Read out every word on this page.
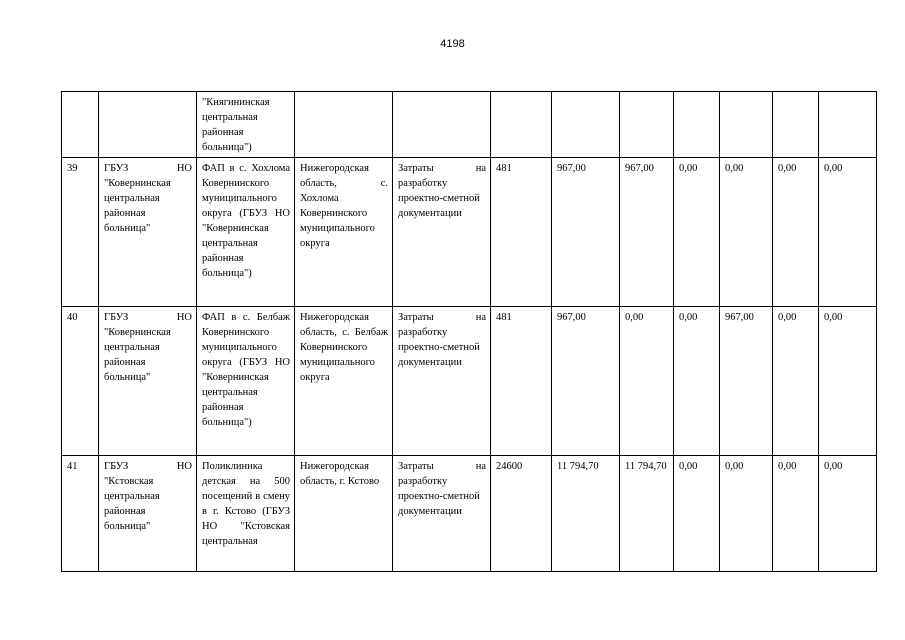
4198
		"Княгининская центральная районная больница")									
39	ГБУЗ НО "Ковернинская центральная районная больница"	ФАП в с. Хохлома Ковернинского муниципального округа (ГБУЗ НО "Ковернинская центральная районная больница")	Нижегородская область, с. Хохлома Ковернинского муниципального округа	Затраты на разработку проектно-сметной документации	481	967,00	967,00	0,00	0,00	0,00	0,00
40	ГБУЗ НО "Ковернинская центральная районная больница"	ФАП в с. Белбаж Ковернинского муниципального округа (ГБУЗ НО "Ковернинская центральная районная больница")	Нижегородская область, с. Белбаж Ковернинского муниципального округа	Затраты на разработку проектно-сметной документации	481	967,00	0,00	0,00	967,00	0,00	0,00
41	ГБУЗ НО "Кстовская центральная районная больница"	Поликлиника детская на 500 посещений в смену в г. Кстово (ГБУЗ НО "Кстовская центральная	Нижегородская область, г. Кстово	Затраты на разработку проектно-сметной документации	24600	11 794,70	11 794,70	0,00	0,00	0,00	0,00
